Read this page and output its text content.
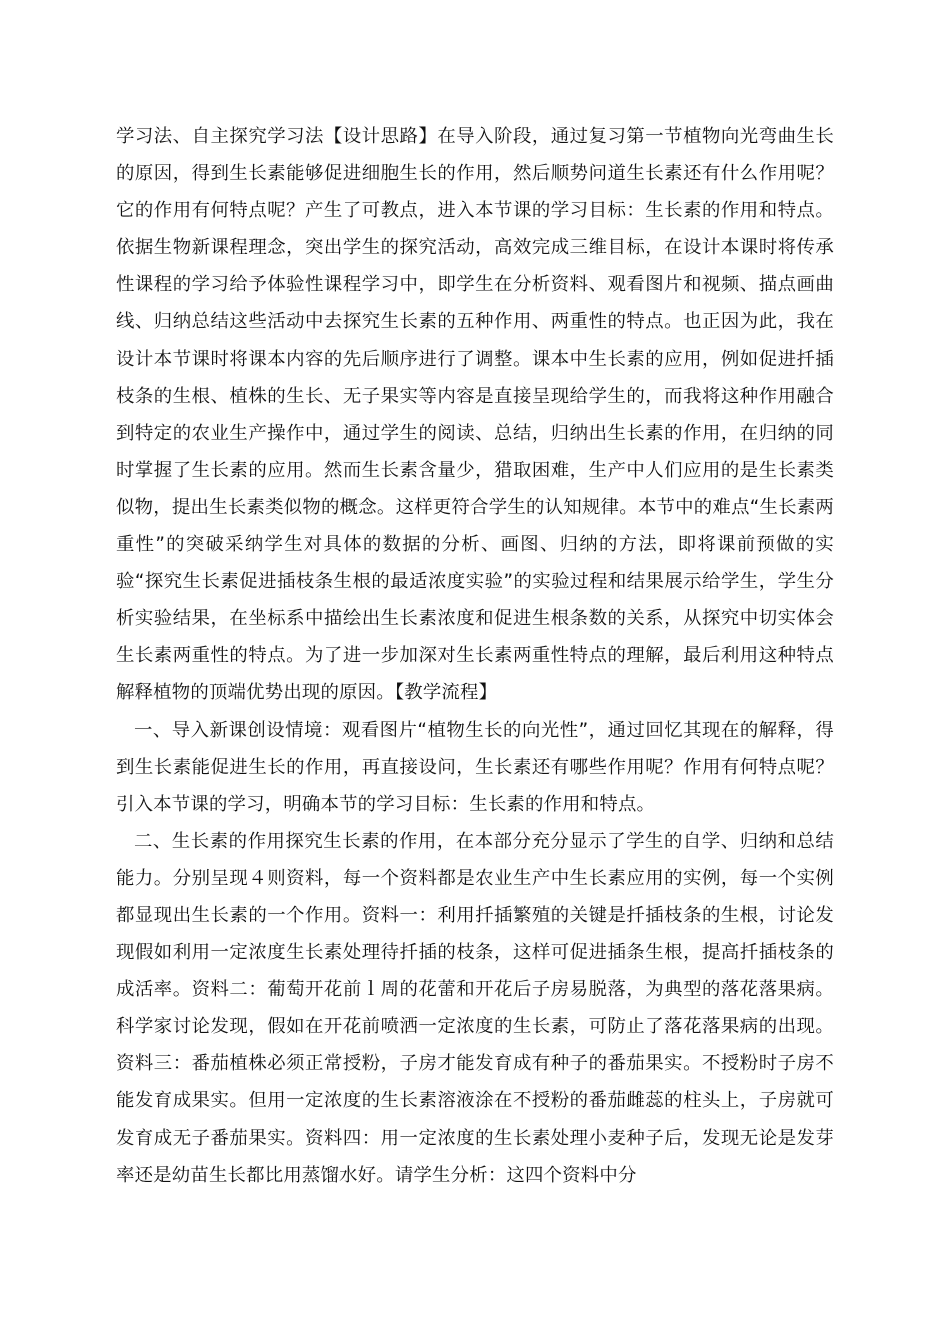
学习法、自主探究学习法【设计思路】在导入阶段，通过复习第一节植物向光弯曲生长的原因，得到生长素能够促进细胞生长的作用，然后顺势问道生长素还有什么作用呢？它的作用有何特点呢？产生了可教点，进入本节课的学习目标：生长素的作用和特点。依据生物新课程理念，突出学生的探究活动，高效完成三维目标，在设计本课时将传承性课程的学习给予体验性课程学习中，即学生在分析资料、观看图片和视频、描点画曲线、归纳总结这些活动中去探究生长素的五种作用、两重性的特点。也正因为此，我在设计本节课时将课本内容的先后顺序进行了调整。课本中生长素的应用，例如促进扦插枝条的生根、植株的生长、无子果实等内容是直接呈现给学生的，而我将这种作用融合到特定的农业生产操作中，通过学生的阅读、总结，归纳出生长素的作用，在归纳的同时掌握了生长素的应用。然而生长素含量少，猎取困难，生产中人们应用的是生长素类似物，提出生长素类似物的概念。这样更符合学生的认知规律。本节中的难点“生长素两重性”的突破采纳学生对具体的数据的分析、画图、归纳的方法，即将课前预做的实验“探究生长素促进插枝条生根的最适浓度实验”的实验过程和结果展示给学生，学生分析实验结果，在坐标系中描绘出生长素浓度和促进生根条数的关系，从探究中切实体会生长素两重性的特点。为了进一步加深对生长素两重性特点的理解，最后利用这种特点解释植物的顶端优势出现的原因。【教学流程】

一、导入新课创设情境：观看图片“植物生长的向光性”，通过回忆其现在的解释，得到生长素能促进生长的作用，再直接设问，生长素还有哪些作用呢？作用有何特点呢？引入本节课的学习，明确本节的学习目标：生长素的作用和特点。

二、生长素的作用探究生长素的作用，在本部分充分显示了学生的自学、归纳和总结能力。分别呈现４则资料，每一个资料都是农业生产中生长素应用的实例，每一个实例都显现出生长素的一个作用。资料一：利用扦插繁殖的关键是扦插枝条的生根，讨论发现假如利用一定浓度生长素处理待扦插的枝条，这样可促进插条生根，提高扦插枝条的成活率。资料二：葡萄开花前ｌ周的花蕾和开花后子房易脱落，为典型的落花落果病。科学家讨论发现，假如在开花前喷洒一定浓度的生长素，可防止了落花落果病的出现。资料三：番茄植株必须正常授粉，子房才能发育成有种子的番茄果实。不授粉时子房不能发育成果实。但用一定浓度的生长素溶液涂在不授粉的番茄雌蕊的柱头上，子房就可发育成无子番茄果实。资料四：用一定浓度的生长素处理小麦种子后，发现无论是发芽率还是幼苗生长都比用蒸馏水好。请学生分析：这四个资料中分
